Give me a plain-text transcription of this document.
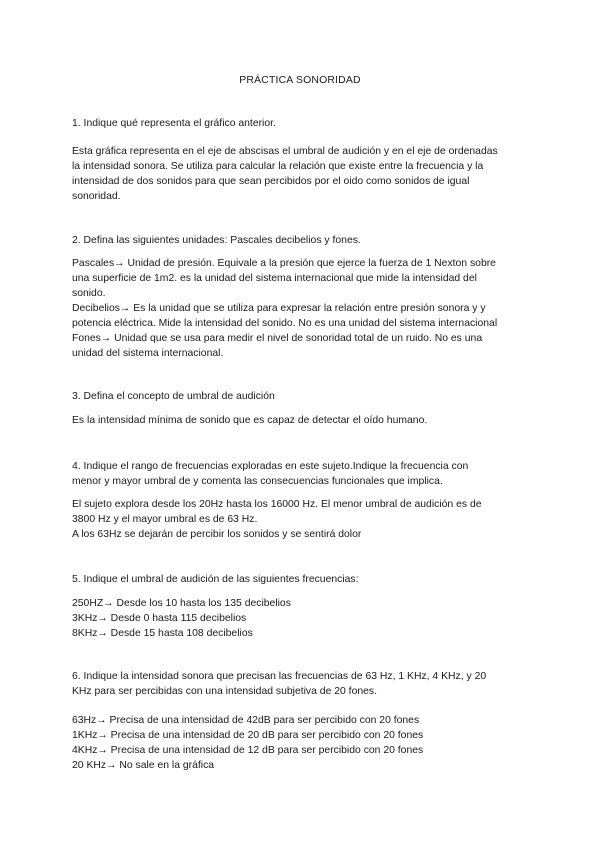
PRÁCTICA SONORIDAD
1. Indique qué representa el gráfico anterior.
Esta gráfica representa en el eje de abscisas el umbral de audición y en el eje de ordenadas
la intensidad sonora. Se utiliza para calcular la relación que existe entre la frecuencia y la
intensidad de dos sonidos para que sean percibidos por el oido como sonidos de igual
sonoridad.
2. Defina las siguientes unidades: Pascales decibelios y fones.
Pascales→ Unidad de presión. Equivale a la presión que ejerce la fuerza de 1 Nexton sobre
una superficie de 1m2. es la unidad del sistema internacional que mide la intensidad del
sonido.
Decibelios→ Es la unidad que se utiliza para expresar la relación entre presión sonora y y
potencia eléctrica. Mide la intensidad del sonido. No es una unidad del sistema internacional
Fones→ Unidad que se usa para medir el nivel de sonoridad total de un ruido. No es una
unidad del sistema internacional.
3. Defina el concepto de umbral de audición
Es la intensidad mínima de sonido que es capaz de detectar el oído humano.
4. Indique el rango de frecuencias exploradas en este sujeto.Indique la frecuencia con
menor y mayor umbral de y comenta las consecuencias funcionales que implica.
El sujeto explora desde los 20Hz hasta los 16000 Hz. El menor umbral de audición es de
3800 Hz y el mayor umbral es de 63 Hz.
A los 63Hz se dejarán de percibir los sonidos y se sentirá dolor
5. Indique el umbral de audición de las siguientes frecuencias:
250HZ→ Desde los 10 hasta los 135 decibelios
3KHz→ Desde 0 hasta 115 decibelios
8KHz→ Desde 15 hasta 108 decibelios
6. Indique la intensidad sonora que precisan las frecuencias de 63 Hz, 1 KHz, 4 KHz, y 20
KHz para ser percibidas con una intensidad subjetiva de 20 fones.
63Hz→ Precisa de una intensidad de 42dB para ser percibido con 20 fones
1KHz→ Precisa de una intensidad de 20 dB para ser percibido con 20 fones
4KHz→ Precisa de una intensidad de 12 dB para ser percibido con 20 fones
20 KHz→ No sale en la gráfica
